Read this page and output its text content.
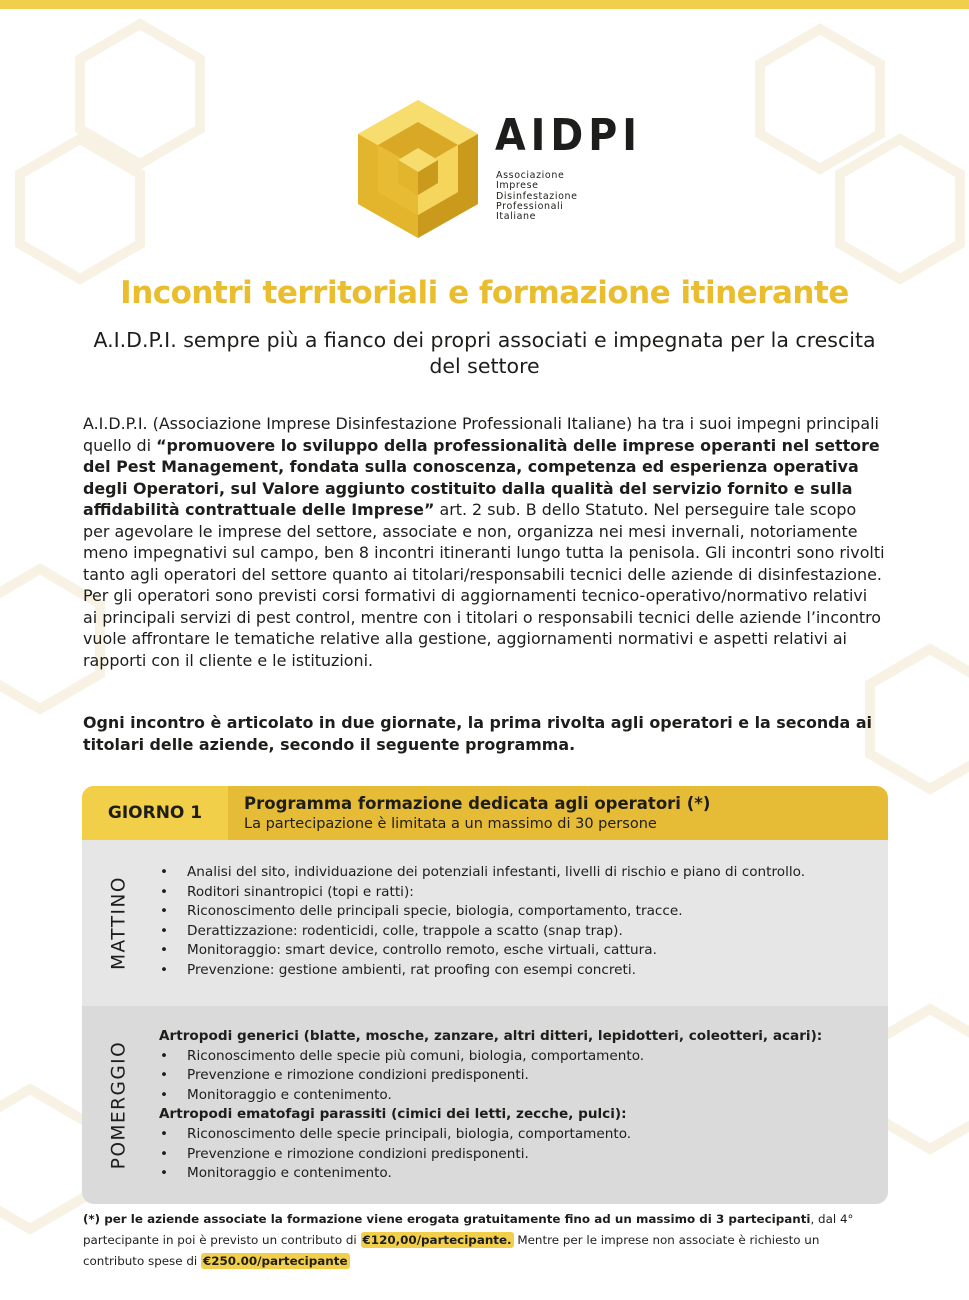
AIDPI
Associazione
Imprese
Disinfestazione
Professionali
Italiane
Incontri territoriali e formazione itinerante
A.I.D.P.I. sempre più a fianco dei propri associati e impegnata per la crescita del settore

A.I.D.P.I. (Associazione Imprese Disinfestazione Professionali Italiane) ha tra i suoi impegni principali quello di “promuovere lo sviluppo della professionalità delle imprese operanti nel settore del Pest Management, fondata sulla conoscenza, competenza ed esperienza operativa degli Operatori, sul Valore aggiunto costituito dalla qualità del servizio fornito e sulla affidabilità contrattuale delle Imprese” art. 2 sub. B dello Statuto. Nel perseguire tale scopo per agevolare le imprese del settore, associate e non, organizza nei mesi invernali, notoriamente meno impegnativi sul campo, ben 8 incontri itineranti lungo tutta la penisola. Gli incontri sono rivolti tanto agli operatori del settore quanto ai titolari/responsabili tecnici delle aziende di disinfestazione. Per gli operatori sono previsti corsi formativi di aggiornamenti tecnico-operativo/normativo relativi ai principali servizi di pest control, mentre con i titolari o responsabili tecnici delle aziende l’incontro vuole affrontare le tematiche relative alla gestione, aggiornamenti normativi e aspetti relativi ai rapporti con il cliente e le istituzioni.

Ogni incontro è articolato in due giornate, la prima rivolta agli operatori e la seconda ai titolari delle aziende, secondo il seguente programma.

GIORNO 1	Programma formazione dedicata agli operatori (*)
La partecipazione è limitata a un massimo di 30 persone
MATTINO
• Analisi del sito, individuazione dei potenziali infestanti, livelli di rischio e piano di controllo.
• Roditori sinantropici (topi e ratti):
• Riconoscimento delle principali specie, biologia, comportamento, tracce.
• Derattizzazione: rodenticidi, colle, trappole a scatto (snap trap).
• Monitoraggio: smart device, controllo remoto, esche virtuali, cattura.
• Prevenzione: gestione ambienti, rat proofing con esempi concreti.
POMERGGIO
Artropodi generici (blatte, mosche, zanzare, altri ditteri, lepidotteri, coleotteri, acari):
• Riconoscimento delle specie più comuni, biologia, comportamento.
• Prevenzione e rimozione condizioni predisponenti.
• Monitoraggio e contenimento.
Artropodi ematofagi parassiti (cimici dei letti, zecche, pulci):
• Riconoscimento delle specie principali, biologia, comportamento.
• Prevenzione e rimozione condizioni predisponenti.
• Monitoraggio e contenimento.

(*) per le aziende associate la formazione viene erogata gratuitamente fino ad un massimo di 3 partecipanti, dal 4° partecipante in poi è previsto un contributo di €120,00/partecipante. Mentre per le imprese non associate è richiesto un contributo spese di €250.00/partecipante
